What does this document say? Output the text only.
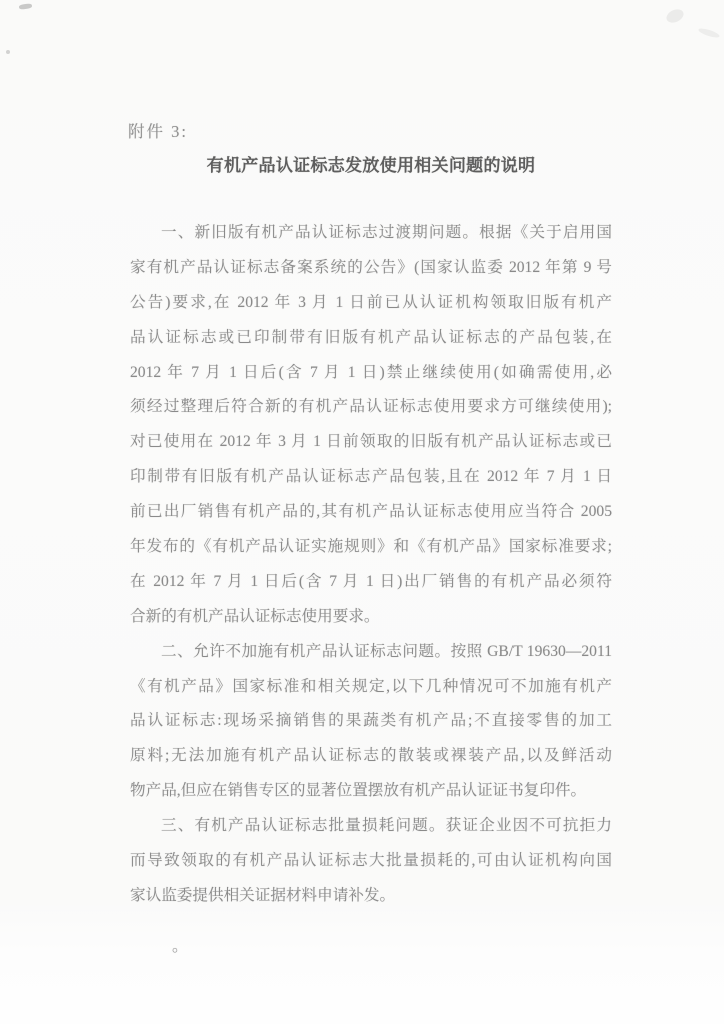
附件 3:
有机产品认证标志发放使用相关问题的说明
一、新旧版有机产品认证标志过渡期问题。根据《关于启用国
家有机产品认证标志备案系统的公告》(国家认监委 2012 年第 9 号
公告)要求,在 2012 年 3 月 1 日前已从认证机构领取旧版有机产
品认证标志或已印制带有旧版有机产品认证标志的产品包装,在
2012 年 7 月 1 日后(含 7 月 1 日)禁止继续使用(如确需使用,必
须经过整理后符合新的有机产品认证标志使用要求方可继续使用);
对已使用在 2012 年 3 月 1 日前领取的旧版有机产品认证标志或已
印制带有旧版有机产品认证标志产品包装,且在 2012 年 7 月 1 日
前已出厂销售有机产品的,其有机产品认证标志使用应当符合 2005
年发布的《有机产品认证实施规则》和《有机产品》国家标准要求;
在 2012 年 7 月 1 日后(含 7 月 1 日)出厂销售的有机产品必须符
合新的有机产品认证标志使用要求。
二、允许不加施有机产品认证标志问题。按照 GB/T 19630—2011
《有机产品》国家标准和相关规定,以下几种情况可不加施有机产
品认证标志:现场采摘销售的果蔬类有机产品;不直接零售的加工
原料;无法加施有机产品认证标志的散装或裸装产品,以及鲜活动
物产品,但应在销售专区的显著位置摆放有机产品认证证书复印件。
三、有机产品认证标志批量损耗问题。获证企业因不可抗拒力
而导致领取的有机产品认证标志大批量损耗的,可由认证机构向国
家认监委提供相关证据材料申请补发。
。
